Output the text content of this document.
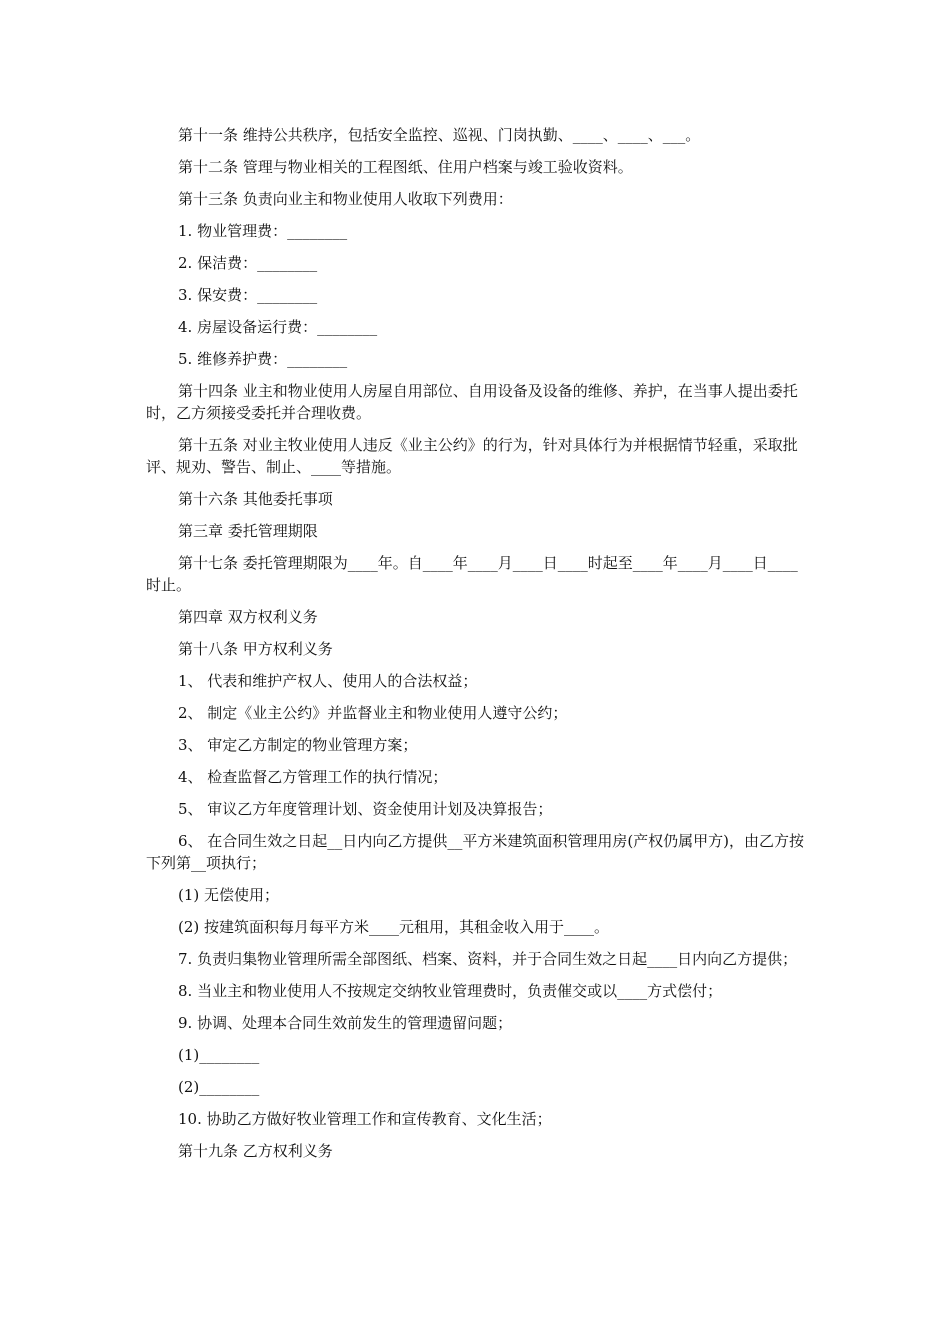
第十一条 维持公共秩序，包括安全监控、巡视、门岗执勤、____、____、___。

第十二条 管理与物业相关的工程图纸、住用户档案与竣工验收资料。

第十三条 负责向业主和物业使用人收取下列费用：

1. 物业管理费：________

2. 保洁费：________

3. 保安费：________

4. 房屋设备运行费：________

5. 维修养护费：________

第十四条 业主和物业使用人房屋自用部位、自用设备及设备的维修、养护，在当事人提出委托时，乙方须接受委托并合理收费。

第十五条 对业主牧业使用人违反《业主公约》的行为，针对具体行为并根据情节轻重，采取批评、规劝、警告、制止、____等措施。

第十六条 其他委托事项

第三章 委托管理期限

第十七条 委托管理期限为____年。自____年____月____日____时起至____年____月____日____时止。

第四章 双方权利义务

第十八条 甲方权利义务

1、 代表和维护产权人、使用人的合法权益；

2、 制定《业主公约》并监督业主和物业使用人遵守公约；

3、 审定乙方制定的物业管理方案；

4、 检查监督乙方管理工作的执行情况；

5、 审议乙方年度管理计划、资金使用计划及决算报告；

6、 在合同生效之日起__日内向乙方提供__平方米建筑面积管理用房(产权仍属甲方)，由乙方按下列第__项执行；

(1) 无偿使用；

(2) 按建筑面积每月每平方米____元租用，其租金收入用于____。

7. 负责归集物业管理所需全部图纸、档案、资料，并于合同生效之日起____日内向乙方提供；

8. 当业主和物业使用人不按规定交纳牧业管理费时，负责催交或以____方式偿付；

9. 协调、处理本合同生效前发生的管理遗留问题；

(1)________

(2)________

10. 协助乙方做好牧业管理工作和宣传教育、文化生活；

第十九条 乙方权利义务
